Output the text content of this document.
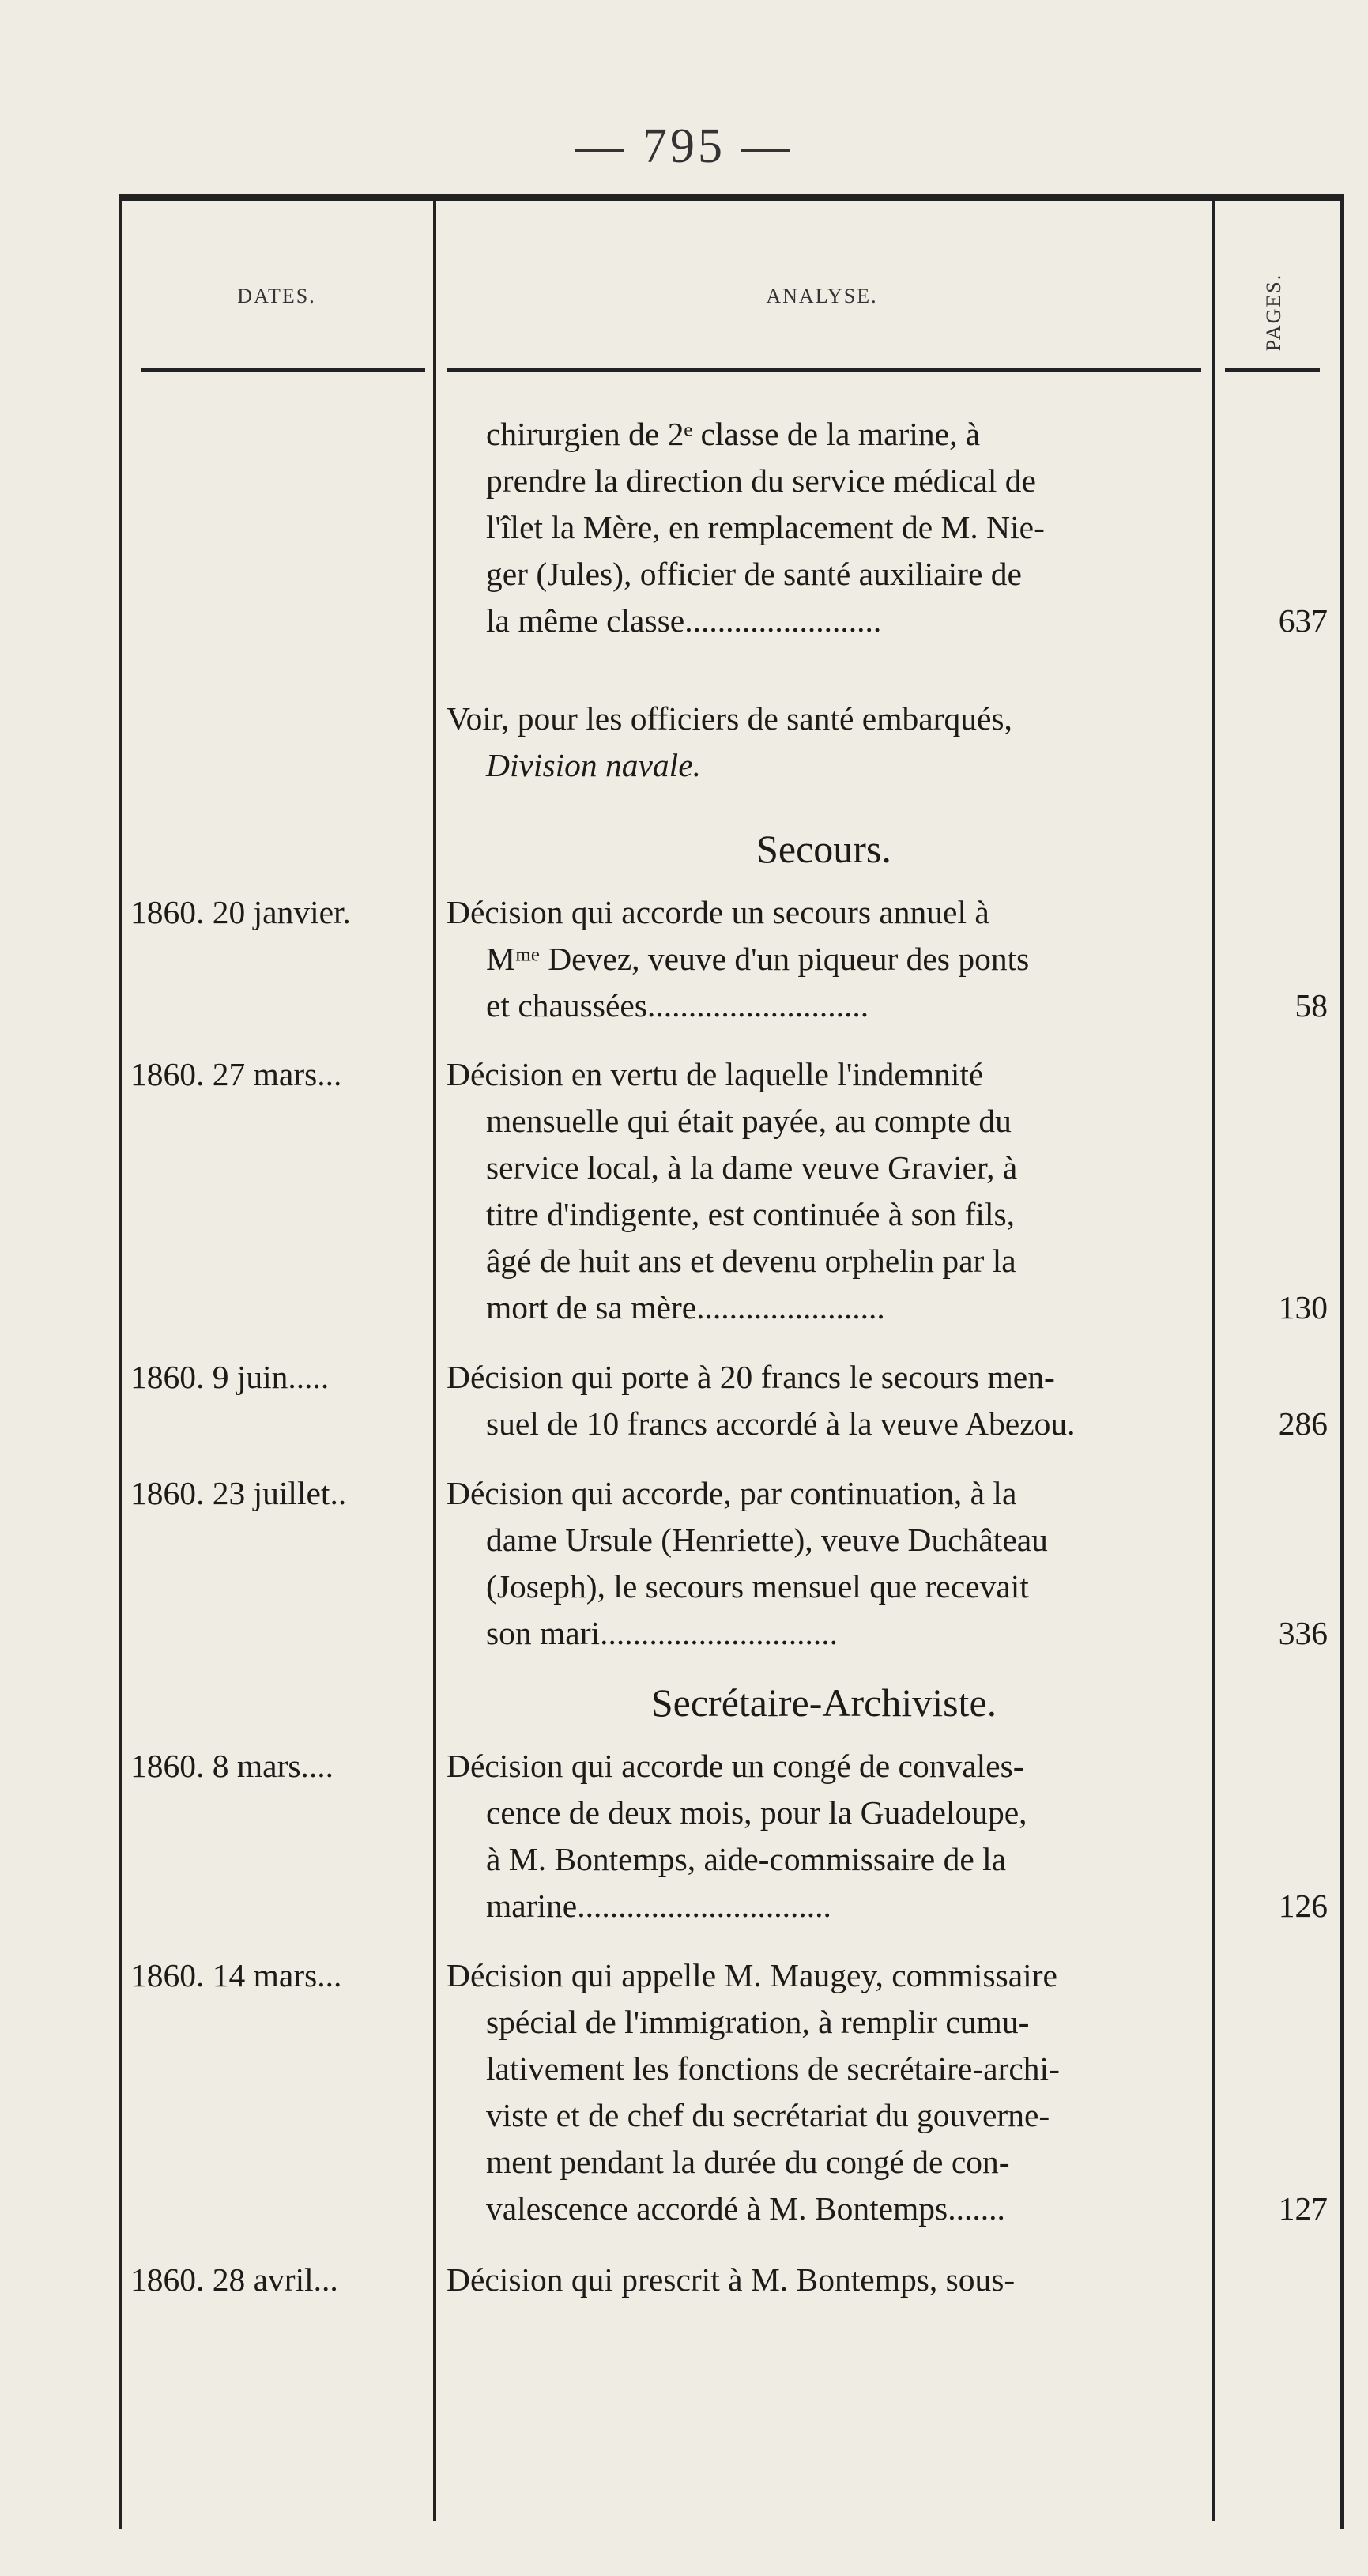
— 795 —
DATES.	ANALYSE.	PAGES.
chirurgien de 2ᵉ classe de la marine, à
prendre la direction du service médical de
l'îlet la Mère, en remplacement de M. Nie-
ger (Jules), officier de santé auxiliaire de
la même classe........................	637
Voir, pour les officiers de santé embarqués,
Division navale.
Secours.
1860. 20 janvier.	Décision qui accorde un secours annuel à
Mᵐᵉ Devez, veuve d'un piqueur des ponts
et chaussées...........................	58
1860. 27 mars...	Décision en vertu de laquelle l'indemnité
mensuelle qui était payée, au compte du
service local, à la dame veuve Gravier, à
titre d'indigente, est continuée à son fils,
âgé de huit ans et devenu orphelin par la
mort de sa mère.......................	130
1860. 9 juin.....	Décision qui porte à 20 francs le secours men-
suel de 10 francs accordé à la veuve Abezou.	286
1860. 23 juillet..	Décision qui accorde, par continuation, à la
dame Ursule (Henriette), veuve Duchâteau
(Joseph), le secours mensuel que recevait
son mari.............................	336
Secrétaire-Archiviste.
1860. 8 mars....	Décision qui accorde un congé de convales-
cence de deux mois, pour la Guadeloupe,
à M. Bontemps, aide-commissaire de la
marine...............................	126
1860. 14 mars...	Décision qui appelle M. Maugey, commissaire
spécial de l'immigration, à remplir cumu-
lativement les fonctions de secrétaire-archi-
viste et de chef du secrétariat du gouverne-
ment pendant la durée du congé de con-
valescence accordé à M. Bontemps.......	127
1860. 28 avril...	Décision qui prescrit à M. Bontemps, sous-
